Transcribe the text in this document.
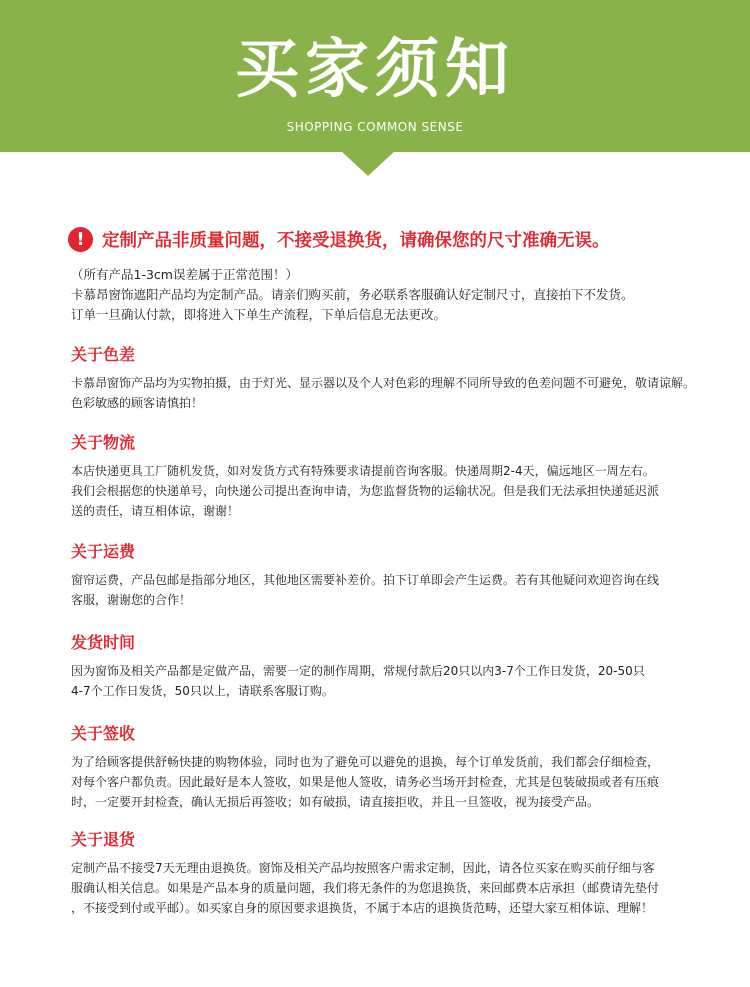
买家须知
SHOPPING COMMON SENSE
! 定制产品非质量问题，不接受退换货，请确保您的尺寸准确无误。
（所有产品1-3cm误差属于正常范围！）
卡慕昂窗饰遮阳产品均为定制产品。请亲们购买前，务必联系客服确认好定制尺寸，直接拍下不发货。
订单一旦确认付款，即将进入下单生产流程，下单后信息无法更改。
关于色差
卡慕昂窗饰产品均为实物拍摄，由于灯光、显示器以及个人对色彩的理解不同所导致的色差问题不可避免，敬请谅解。
色彩敏感的顾客请慎拍！
关于物流
本店快递更具工厂随机发货，如对发货方式有特殊要求请提前咨询客服。快递周期2-4天，偏远地区一周左右。
我们会根据您的快递单号，向快递公司提出查询申请，为您监督货物的运输状况。但是我们无法承担快递延迟派
送的责任，请互相体谅，谢谢！
关于运费
窗帘运费，产品包邮是指部分地区，其他地区需要补差价。拍下订单即会产生运费。若有其他疑问欢迎咨询在线
客服，谢谢您的合作！
发货时间
因为窗饰及相关产品都是定做产品，需要一定的制作周期，常规付款后20只以内3-7个工作日发货，20-50只
4-7个工作日发货，50只以上，请联系客服订购。
关于签收
为了给顾客提供舒畅快捷的购物体验，同时也为了避免可以避免的退换，每个订单发货前，我们都会仔细检查，
对每个客户都负责。因此最好是本人签收，如果是他人签收，请务必当场开封检查，尤其是包装破损或者有压痕
时，一定要开封检查，确认无损后再签收；如有破损，请直接拒收，并且一旦签收，视为接受产品。
关于退货
定制产品不接受7天无理由退换货。窗饰及相关产品均按照客户需求定制，因此，请各位买家在购买前仔细与客
服确认相关信息。如果是产品本身的质量问题，我们将无条件的为您退换货，来回邮费本店承担（邮费请先垫付
，不接受到付或平邮）。如买家自身的原因要求退换货，不属于本店的退换货范畴，还望大家互相体谅、理解！
